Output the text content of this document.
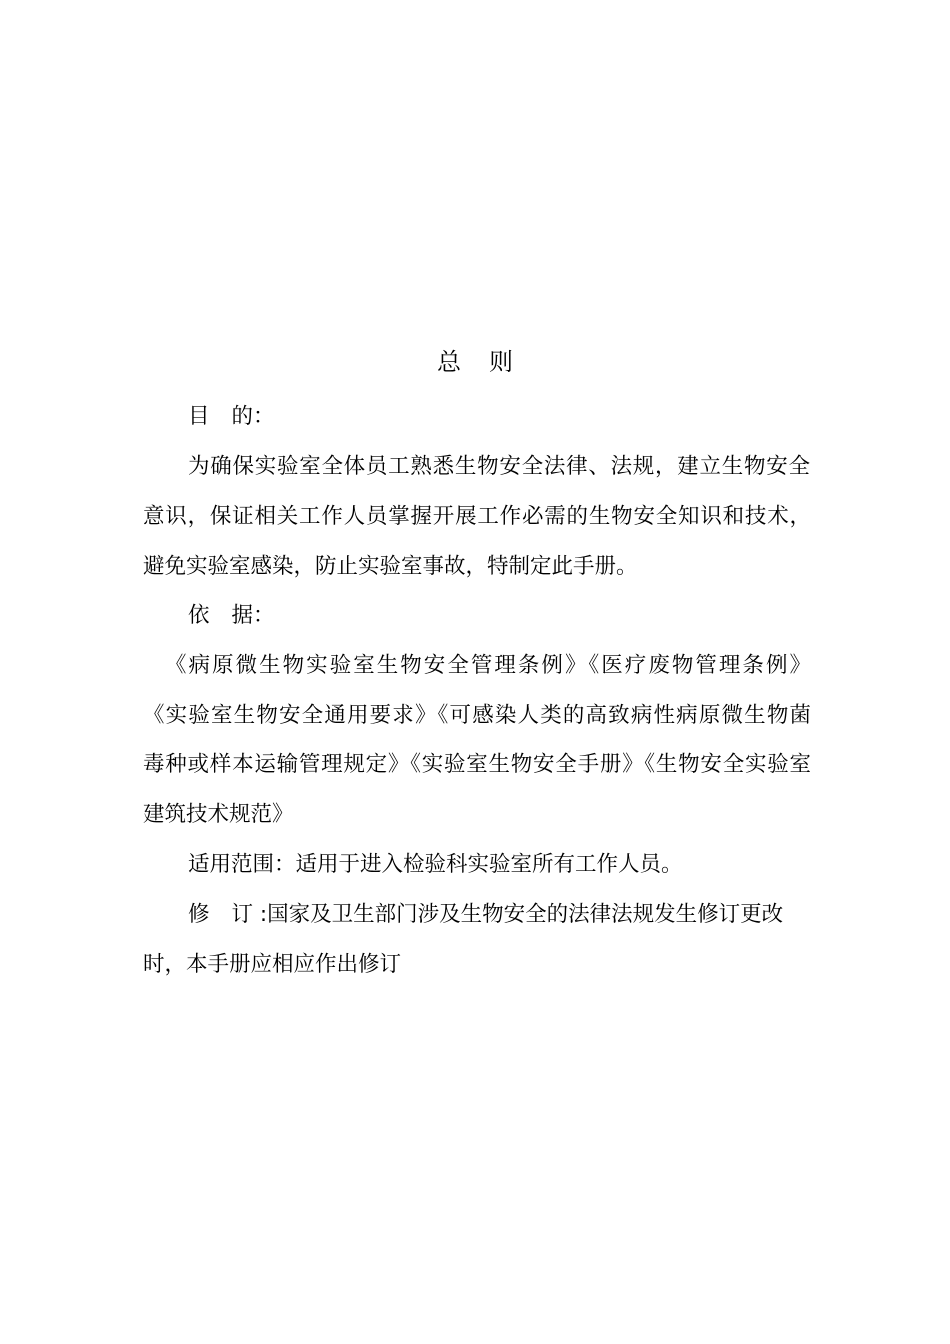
总 则
目 的：
为确保实验室全体员工熟悉生物安全法律、法规，建立生物安全
意识，保证相关工作人员掌握开展工作必需的生物安全知识和技术，
避免实验室感染，防止实验室事故，特制定此手册。
依 据：
《病原微生物实验室生物安全管理条例》《医疗废物管理条例》
《实验室生物安全通用要求》《可感染人类的高致病性病原微生物菌
毒种或样本运输管理规定》《实验室生物安全手册》《生物安全实验室
建筑技术规范》
适用范围：适用于进入检验科实验室所有工作人员。
修 订 :国家及卫生部门涉及生物安全的法律法规发生修订更改
时，本手册应相应作出修订
